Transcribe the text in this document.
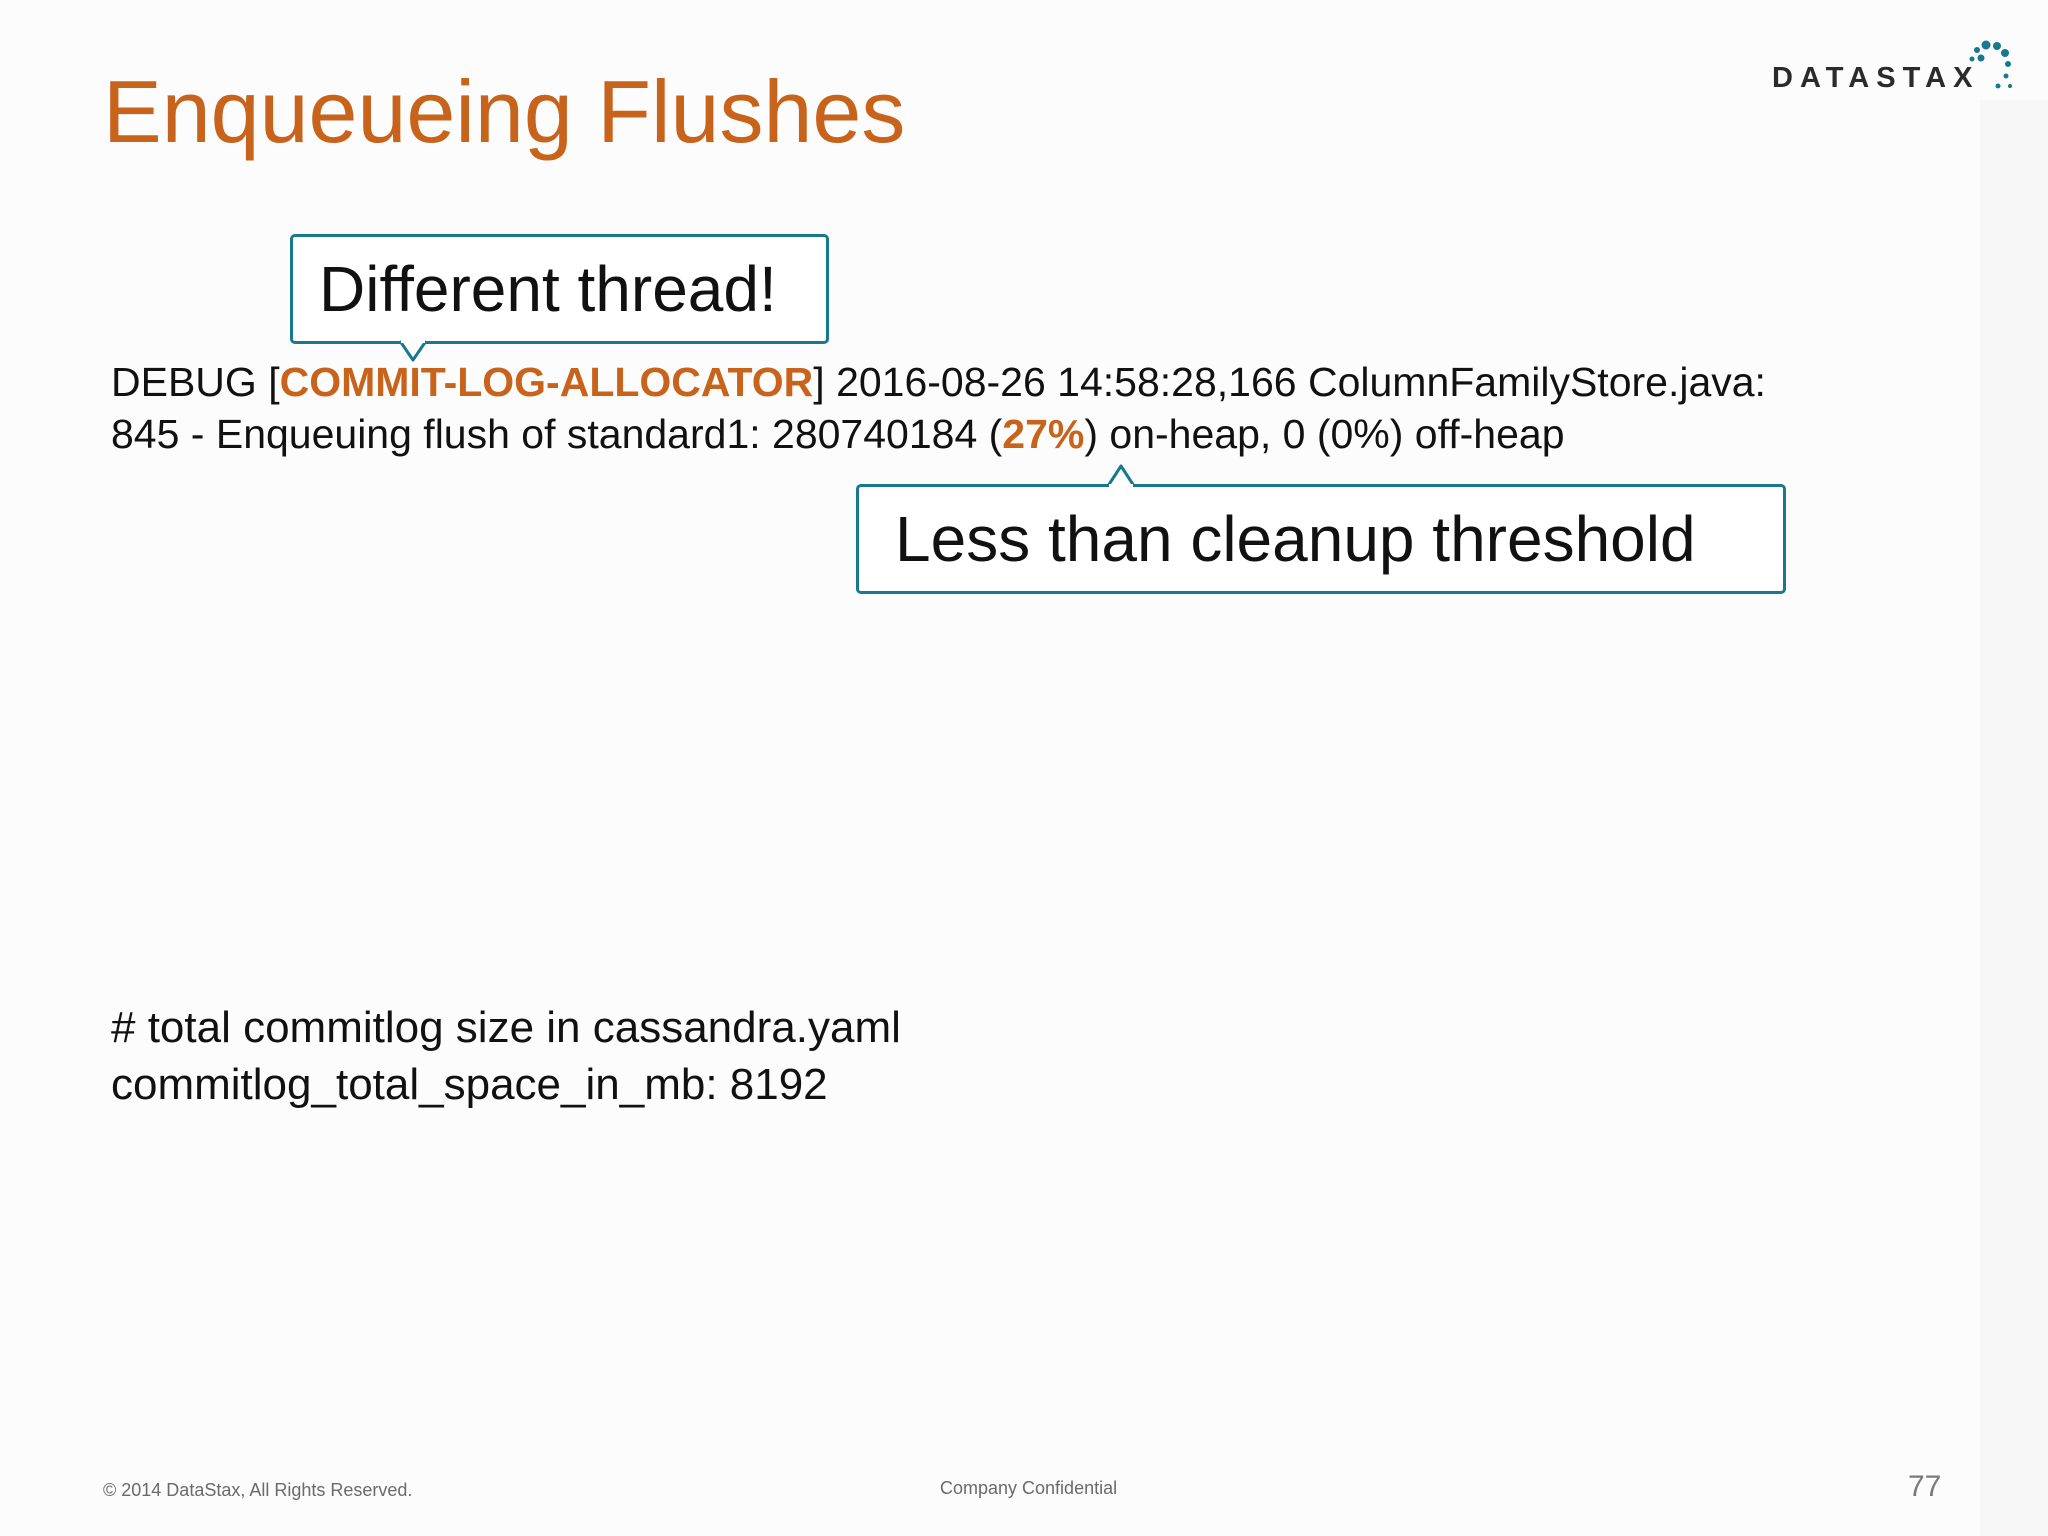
Enqueueing Flushes	DATASTAX
Different thread!
DEBUG [COMMIT-LOG-ALLOCATOR] 2016-08-26 14:58:28,166 ColumnFamilyStore.java:
845 - Enqueuing flush of standard1: 280740184 (27%) on-heap, 0 (0%) off-heap
Less than cleanup threshold
# total commitlog size in cassandra.yaml
commitlog_total_space_in_mb: 8192
© 2014 DataStax, All Rights Reserved.	Company Confidential	77
